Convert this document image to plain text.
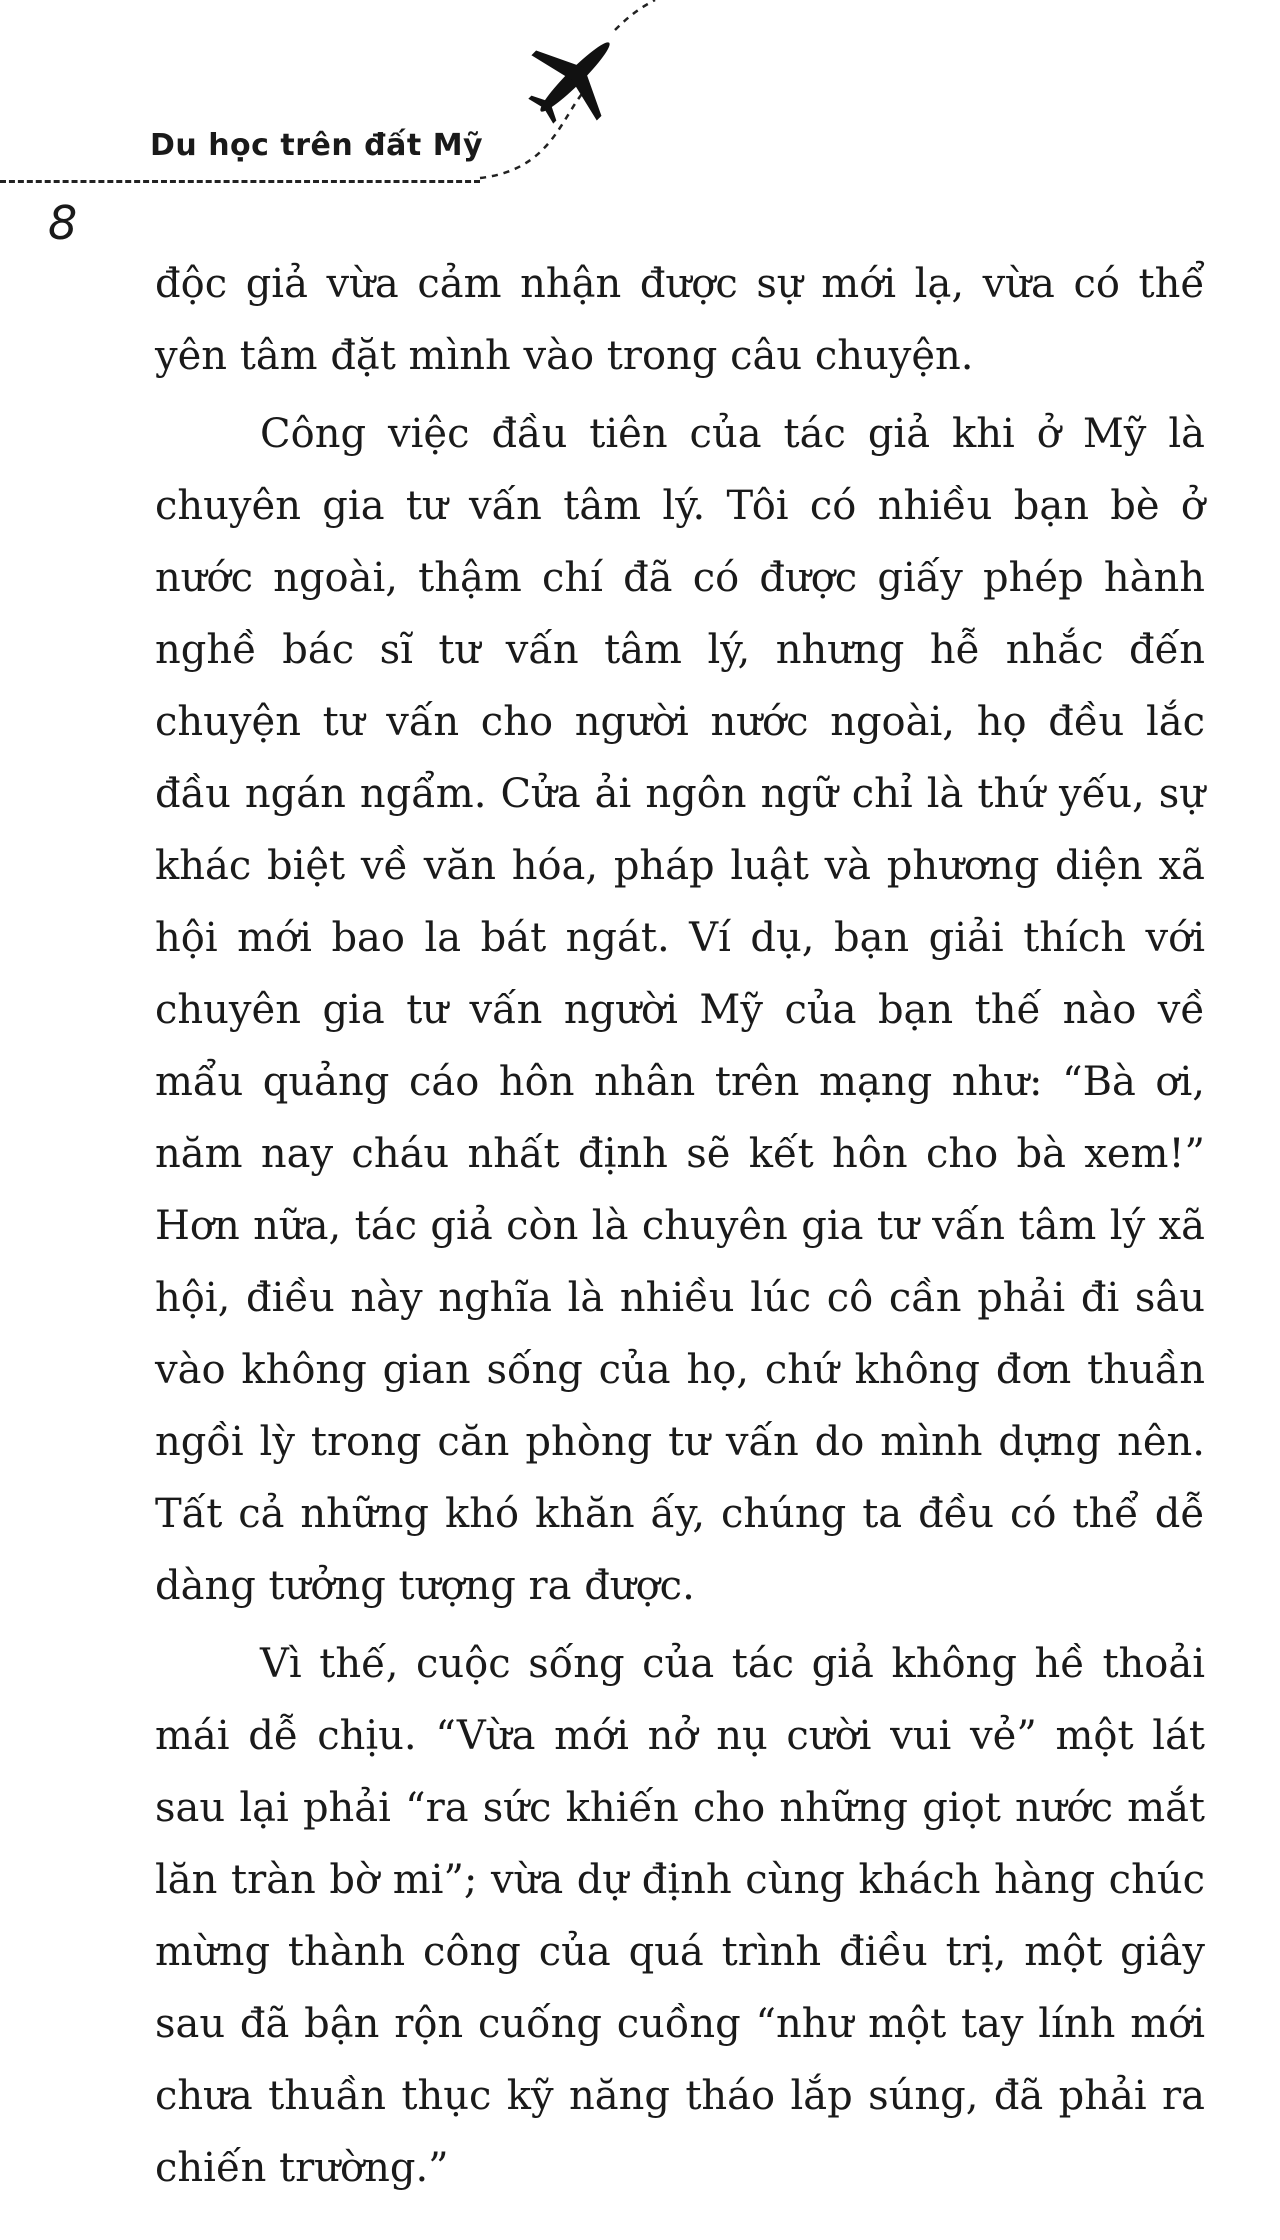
Du học trên đất Mỹ
8

độc giả vừa cảm nhận được sự mới lạ, vừa có thể yên tâm đặt mình vào trong câu chuyện.

Công việc đầu tiên của tác giả khi ở Mỹ là chuyên gia tư vấn tâm lý. Tôi có nhiều bạn bè ở nước ngoài, thậm chí đã có được giấy phép hành nghề bác sĩ tư vấn tâm lý, nhưng hễ nhắc đến chuyện tư vấn cho người nước ngoài, họ đều lắc đầu ngán ngẩm. Cửa ải ngôn ngữ chỉ là thứ yếu, sự khác biệt về văn hóa, pháp luật và phương diện xã hội mới bao la bát ngát. Ví dụ, bạn giải thích với chuyên gia tư vấn người Mỹ của bạn thế nào về mẩu quảng cáo hôn nhân trên mạng như: “Bà ơi, năm nay cháu nhất định sẽ kết hôn cho bà xem!” Hơn nữa, tác giả còn là chuyên gia tư vấn tâm lý xã hội, điều này nghĩa là nhiều lúc cô cần phải đi sâu vào không gian sống của họ, chứ không đơn thuần ngồi lỳ trong căn phòng tư vấn do mình dựng nên. Tất cả những khó khăn ấy, chúng ta đều có thể dễ dàng tưởng tượng ra được.

Vì thế, cuộc sống của tác giả không hề thoải mái dễ chịu. “Vừa mới nở nụ cười vui vẻ” một lát sau lại phải “ra sức khiến cho những giọt nước mắt lăn tràn bờ mi”; vừa dự định cùng khách hàng chúc mừng thành công của quá trình điều trị, một giây sau đã bận rộn cuống cuồng “như một tay lính mới chưa thuần thục kỹ năng tháo lắp súng, đã phải ra chiến trường.”
